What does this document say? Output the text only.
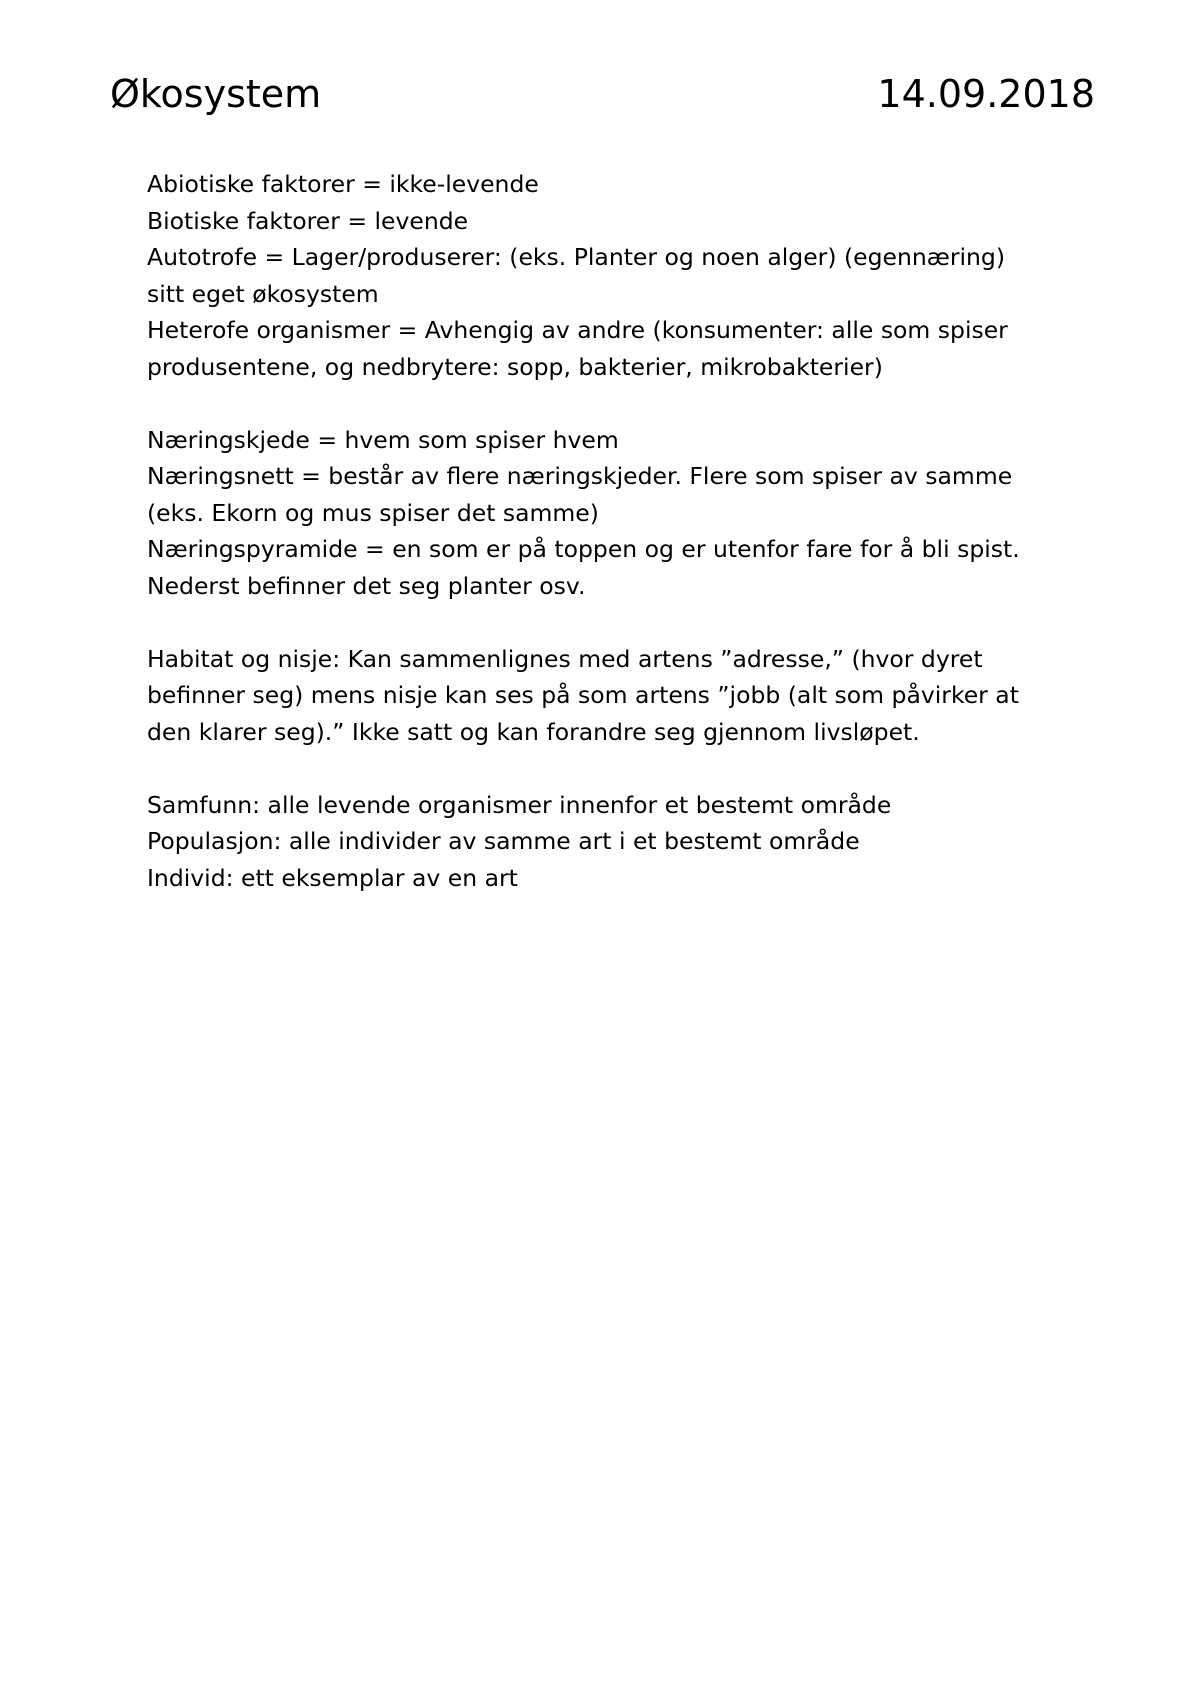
Økosystem	14.09.2018
Abiotiske faktorer = ikke-levende
Biotiske faktorer = levende
Autotrofe = Lager/produserer: (eks. Planter og noen alger) (egennæring)
sitt eget økosystem
Heterofe organismer = Avhengig av andre (konsumenter: alle som spiser
produsentene, og nedbrytere: sopp, bakterier, mikrobakterier)
Næringskjede = hvem som spiser hvem
Næringsnett = består av flere næringskjeder. Flere som spiser av samme
(eks. Ekorn og mus spiser det samme)
Næringspyramide = en som er på toppen og er utenfor fare for å bli spist.
Nederst befinner det seg planter osv.
Habitat og nisje: Kan sammenlignes med artens ”adresse,” (hvor dyret
befinner seg) mens nisje kan ses på som artens ”jobb (alt som påvirker at
den klarer seg).” Ikke satt og kan forandre seg gjennom livsløpet.
Samfunn: alle levende organismer innenfor et bestemt område
Populasjon: alle individer av samme art i et bestemt område
Individ: ett eksemplar av en art
